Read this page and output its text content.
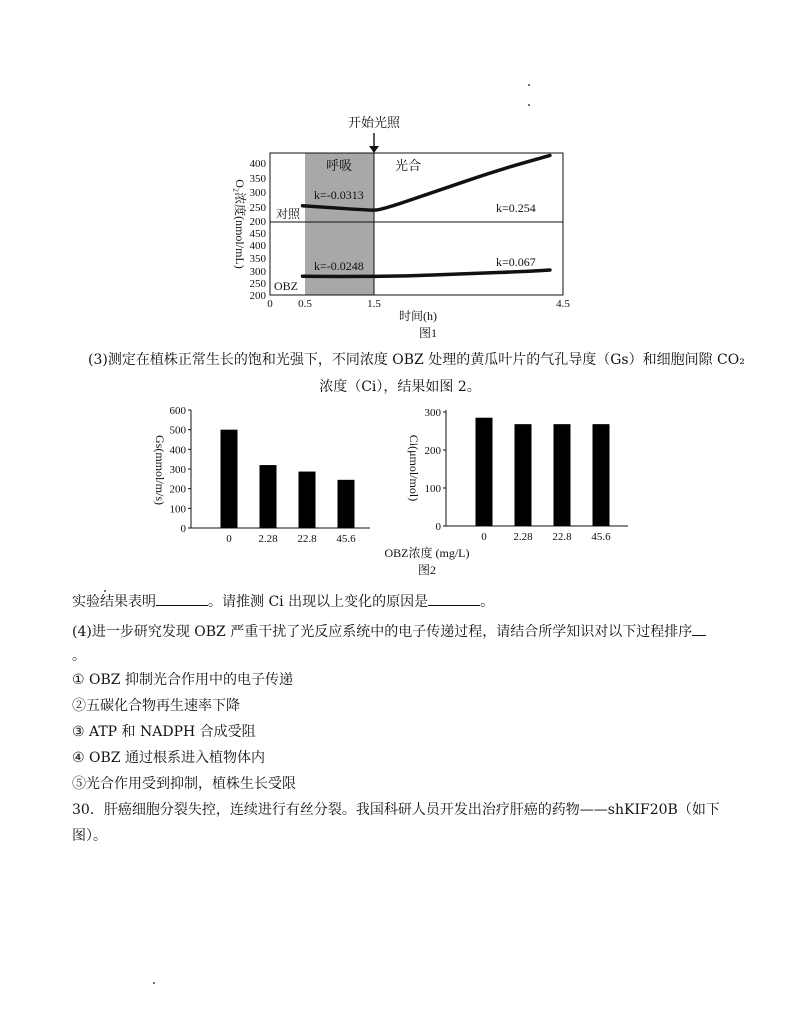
开始光照
呼吸	光合
对照
OBZ
k=-0.0313
k=0.254
k=-0.0248	k=0.067
400
350
300
250
200
450
400
350
300
250
200
O₂浓度(nmol/mL)
0 0.5	1.5	4.5
时间(h)
图1
(3)测定在植株正常生长的饱和光强下，不同浓度 OBZ 处理的黄瓜叶片的气孔导度（Gs）和细胞间隙 CO₂
浓度（Ci），结果如图 2。
0
100
200
300
400
500
600
0 2.28 22.8 45.6
Gs(mmol/m/s)
0
100
200
300
0 2.28 22.8 45.6
Ci(μmol/mol)
OBZ浓度 (mg/L)
图2
实验结果表明	。请推测 Ci 出现以上变化的原因是	。
(4)进一步研究发现 OBZ 严重干扰了光反应系统中的电子传递过程，请结合所学知识对以下过程排序
。
① OBZ 抑制光合作用中的电子传递
②五碳化合物再生速率下降
③ ATP 和 NADPH 合成受阻
④ OBZ 通过根系进入植物体内
⑤光合作用受到抑制，植株生长受限
30．肝癌细胞分裂失控，连续进行有丝分裂。我国科研人员开发出治疗肝癌的药物——shKIF20B（如下
图）。
